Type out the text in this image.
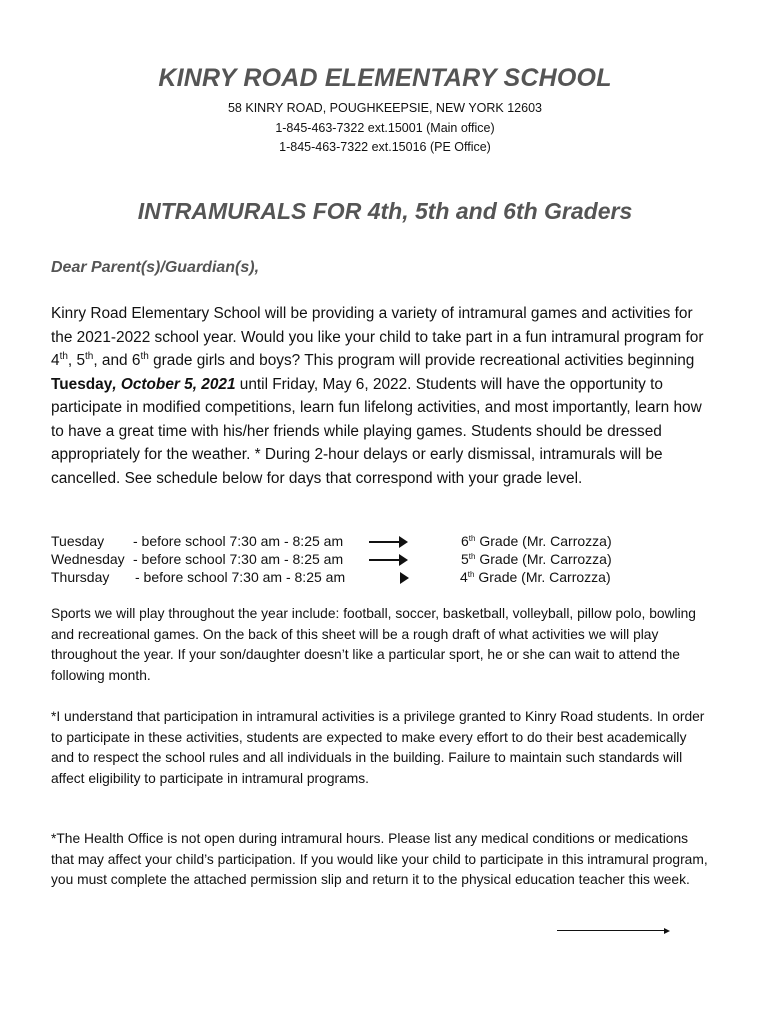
KINRY ROAD ELEMENTARY SCHOOL
58 KINRY ROAD, POUGHKEEPSIE, NEW YORK 12603
1-845-463-7322 ext.15001 (Main office)
1-845-463-7322 ext.15016 (PE Office)
INTRAMURALS FOR 4th, 5th and 6th Graders
Dear Parent(s)/Guardian(s),
Kinry Road Elementary School will be providing a variety of intramural games and activities for the 2021-2022 school year. Would you like your child to take part in a fun intramural program for 4th, 5th, and 6th grade girls and boys? This program will provide recreational activities beginning Tuesday, October 5, 2021 until Friday, May 6, 2022. Students will have the opportunity to participate in modified competitions, learn fun lifelong activities, and most importantly, learn how to have a great time with his/her friends while playing games. Students should be dressed appropriately for the weather. * During 2-hour delays or early dismissal, intramurals will be cancelled. See schedule below for days that correspond with your grade level.
Tuesday - before school 7:30 am - 8:25 am	6th Grade (Mr. Carrozza)
Wednesday - before school 7:30 am - 8:25 am	5th Grade (Mr. Carrozza)
Thursday - before school 7:30 am - 8:25 am	4th Grade (Mr. Carrozza)
Sports we will play throughout the year include: football, soccer, basketball, volleyball, pillow polo, bowling and recreational games. On the back of this sheet will be a rough draft of what activities we will play throughout the year. If your son/daughter doesn’t like a particular sport, he or she can wait to attend the following month.
*I understand that participation in intramural activities is a privilege granted to Kinry Road students. In order to participate in these activities, students are expected to make every effort to do their best academically and to respect the school rules and all individuals in the building. Failure to maintain such standards will affect eligibility to participate in intramural programs.
*The Health Office is not open during intramural hours. Please list any medical conditions or medications that may affect your child’s participation. If you would like your child to participate in this intramural program, you must complete the attached permission slip and return it to the physical education teacher this week.
